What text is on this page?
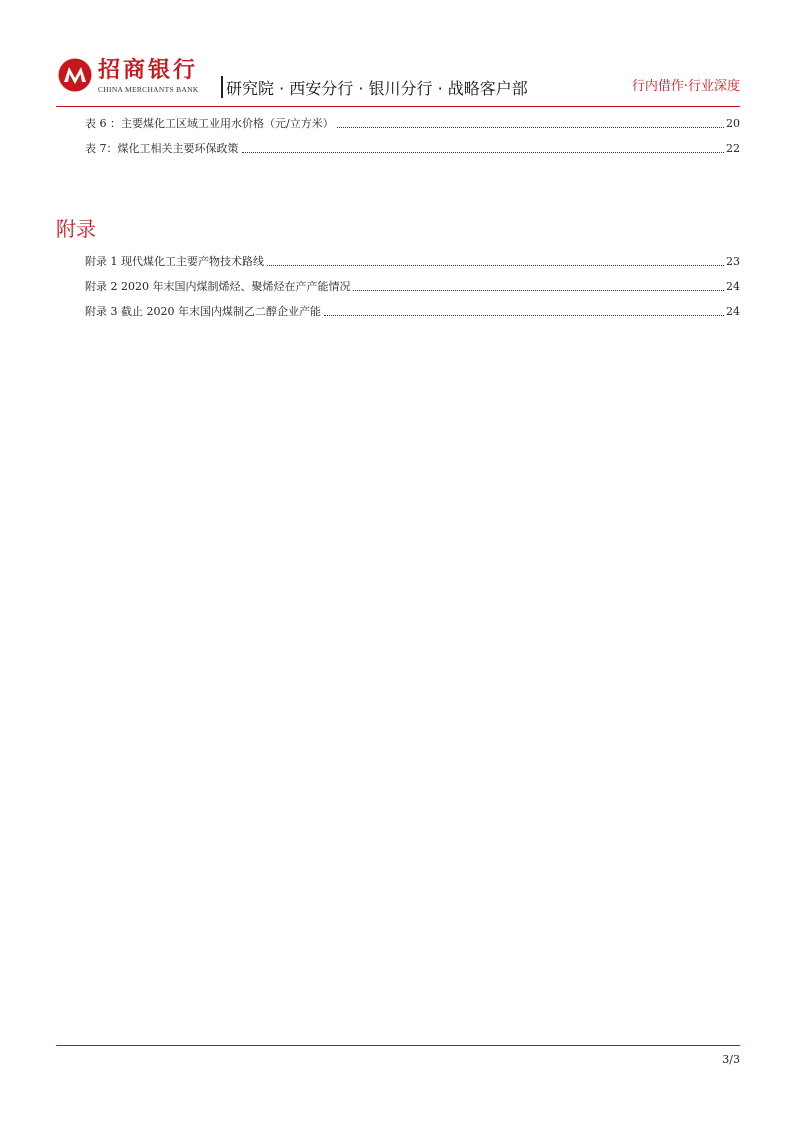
招商银行
CHINA MERCHANTS BANK 研究院 · 西安分行 · 银川分行 · 战略客户部	行内借作·行业深度
表 6 ：主要煤化工区域工业用水价格（元/立方米）	20
表 7：煤化工相关主要环保政策	22
附录 1 现代煤化工主要产物技术路线	23
附录 2 2020 年末国内煤制烯烃、聚烯烃在产产能情况	24
附录 3 截止 2020 年末国内煤制乙二醇企业产能	24
附录
3/3
